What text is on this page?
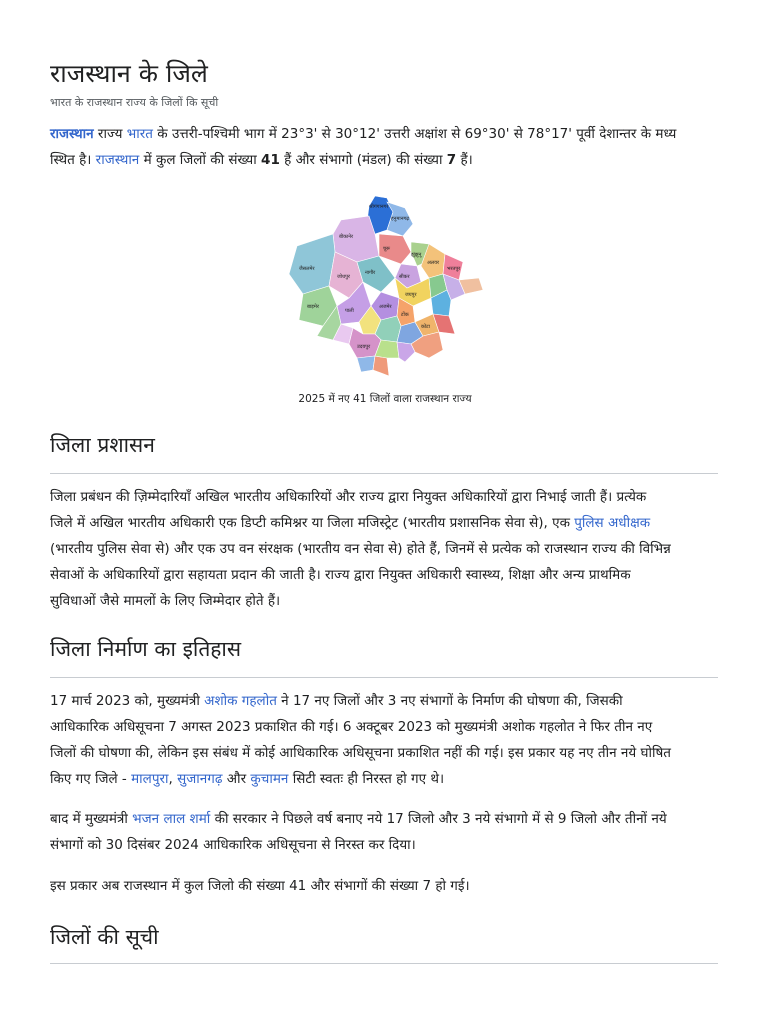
राजस्थान के जिले
भारत के राजस्थान राज्य के जिलों कि सूची

राजस्थान राज्य भारत के उत्तरी-पश्चिमी भाग में 23°3' से 30°12' उत्तरी अक्षांश से 69°30' से 78°17' पूर्वी देशान्तर के मध्य
स्थित है। राजस्थान में कुल जिलों की संख्या 41 हैं और संभागो (मंडल) की संख्या 7 हैं।

जैसलमेर
बीकानेर
चूरू
झुंझुनू
सीकर
जोधपुर
नागौर
जयपुर
अजमेर
अलवर
भरतपुर
बाड़मेर
पाली
टोंक
कोटा
उदयपुर
श्रीगंगानगर
हनुमानगढ़
2025 में नए 41 जिलों वाला राजस्थान राज्य
जिला प्रशासन

जिला प्रबंधन की ज़िम्मेदारियाँ अखिल भारतीय अधिकारियों और राज्य द्वारा नियुक्त अधिकारियों द्वारा निभाई जाती हैं। प्रत्येक
जिले में अखिल भारतीय अधिकारी एक डिप्टी कमिश्नर या जिला मजिस्ट्रेट (भारतीय प्रशासनिक सेवा से), एक पुलिस अधीक्षक
(भारतीय पुलिस सेवा से) और एक उप वन संरक्षक (भारतीय वन सेवा से) होते हैं, जिनमें से प्रत्येक को राजस्थान राज्य की विभिन्न
सेवाओं के अधिकारियों द्वारा सहायता प्रदान की जाती है। राज्य द्वारा नियुक्त अधिकारी स्वास्थ्य, शिक्षा और अन्य प्राथमिक
सुविधाओं जैसे मामलों के लिए जिम्मेदार होते हैं।

जिला निर्माण का इतिहास

17 मार्च 2023 को, मुख्यमंत्री अशोक गहलोत ने 17 नए जिलों और 3 नए संभागों के निर्माण की घोषणा की, जिसकी
आधिकारिक अधिसूचना 7 अगस्त 2023 प्रकाशित की गई। 6 अक्टूबर 2023 को मुख्यमंत्री अशोक गहलोत ने फिर तीन नए
जिलों की घोषणा की, लेकिन इस संबंध में कोई आधिकारिक अधिसूचना प्रकाशित नहीं की गई। इस प्रकार यह नए तीन नये घोषित
किए गए जिले - मालपुरा, सुजानगढ़ और कुचामन सिटी स्वतः ही निरस्त हो गए थे।

बाद में मुख्यमंत्री भजन लाल शर्मा की सरकार ने पिछले वर्ष बनाए नये 17 जिलो और 3 नये संभागो में से 9 जिलो और तीनों नये
संभागों को 30 दिसंबर 2024 आधिकारिक अधिसूचना से निरस्त कर दिया।

इस प्रकार अब राजस्थान में कुल जिलो की संख्या 41 और संभागों की संख्या 7 हो गई।

जिलों की सूची
